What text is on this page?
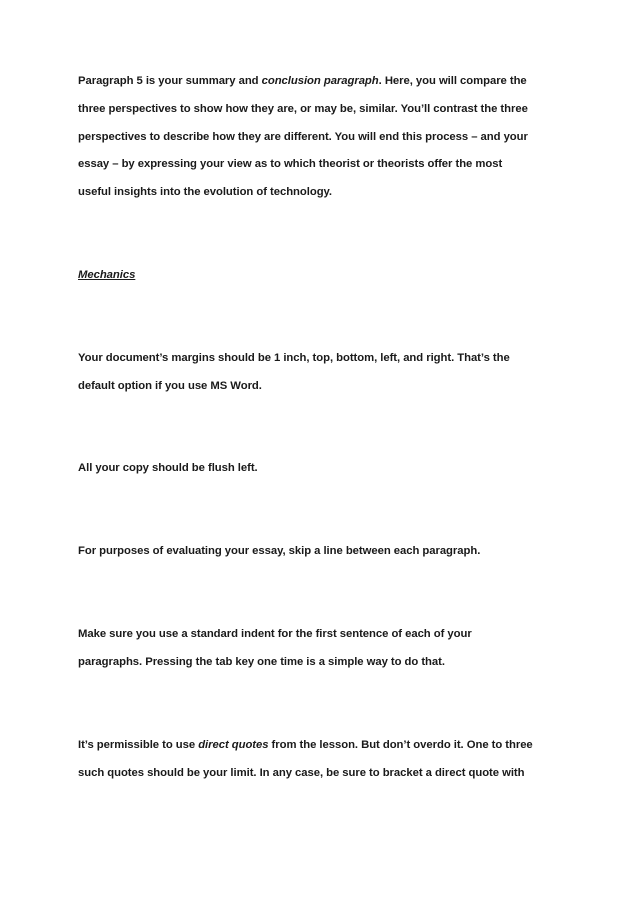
Paragraph 5 is your summary and conclusion paragraph. Here, you will compare the
three perspectives to show how they are, or may be, similar. You’ll contrast the three
perspectives to describe how they are different. You will end this process – and your
essay – by expressing your view as to which theorist or theorists offer the most
useful insights into the evolution of technology.
Mechanics
Your document’s margins should be 1 inch, top, bottom, left, and right. That’s the
default option if you use MS Word.
All your copy should be flush left.
For purposes of evaluating your essay, skip a line between each paragraph.
Make sure you use a standard indent for the first sentence of each of your
paragraphs. Pressing the tab key one time is a simple way to do that.
It’s permissible to use direct quotes from the lesson. But don’t overdo it. One to three
such quotes should be your limit. In any case, be sure to bracket a direct quote with
